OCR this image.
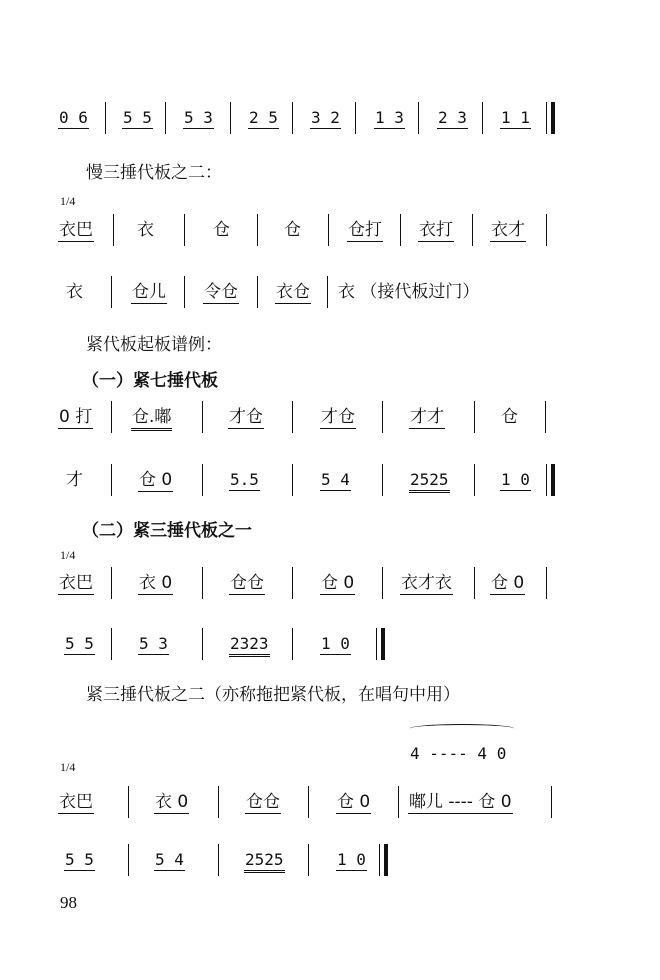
0 6 5 5 5 3 2 5 3 2 1 3 2 3 1 1
慢三捶代板之二：
1/4
衣巴	衣	仓	仓	仓打 衣打 衣才
衣	仓儿 令仓 衣仓 衣 （接代板过门）
紧代板起板谱例：
（一）紧七捶代板
0 打 仓.嘟	才仓	才仓	才才	仓
才	仓 0	5.5	5 4	2525	1 0
（二）紧三捶代板之一
1/4
衣巴	衣 0	仓仓	仓 0	衣才衣 仓 0
5 5	5 3	2323	1 0
紧三捶代板之二（亦称拖把紧代板，在唱句中用）
4 ---- 4 0
1/4
衣巴	衣 0	仓仓	仓 0 嘟儿 ---- 仓 0
5 5	5 4	2525	1 0
98
